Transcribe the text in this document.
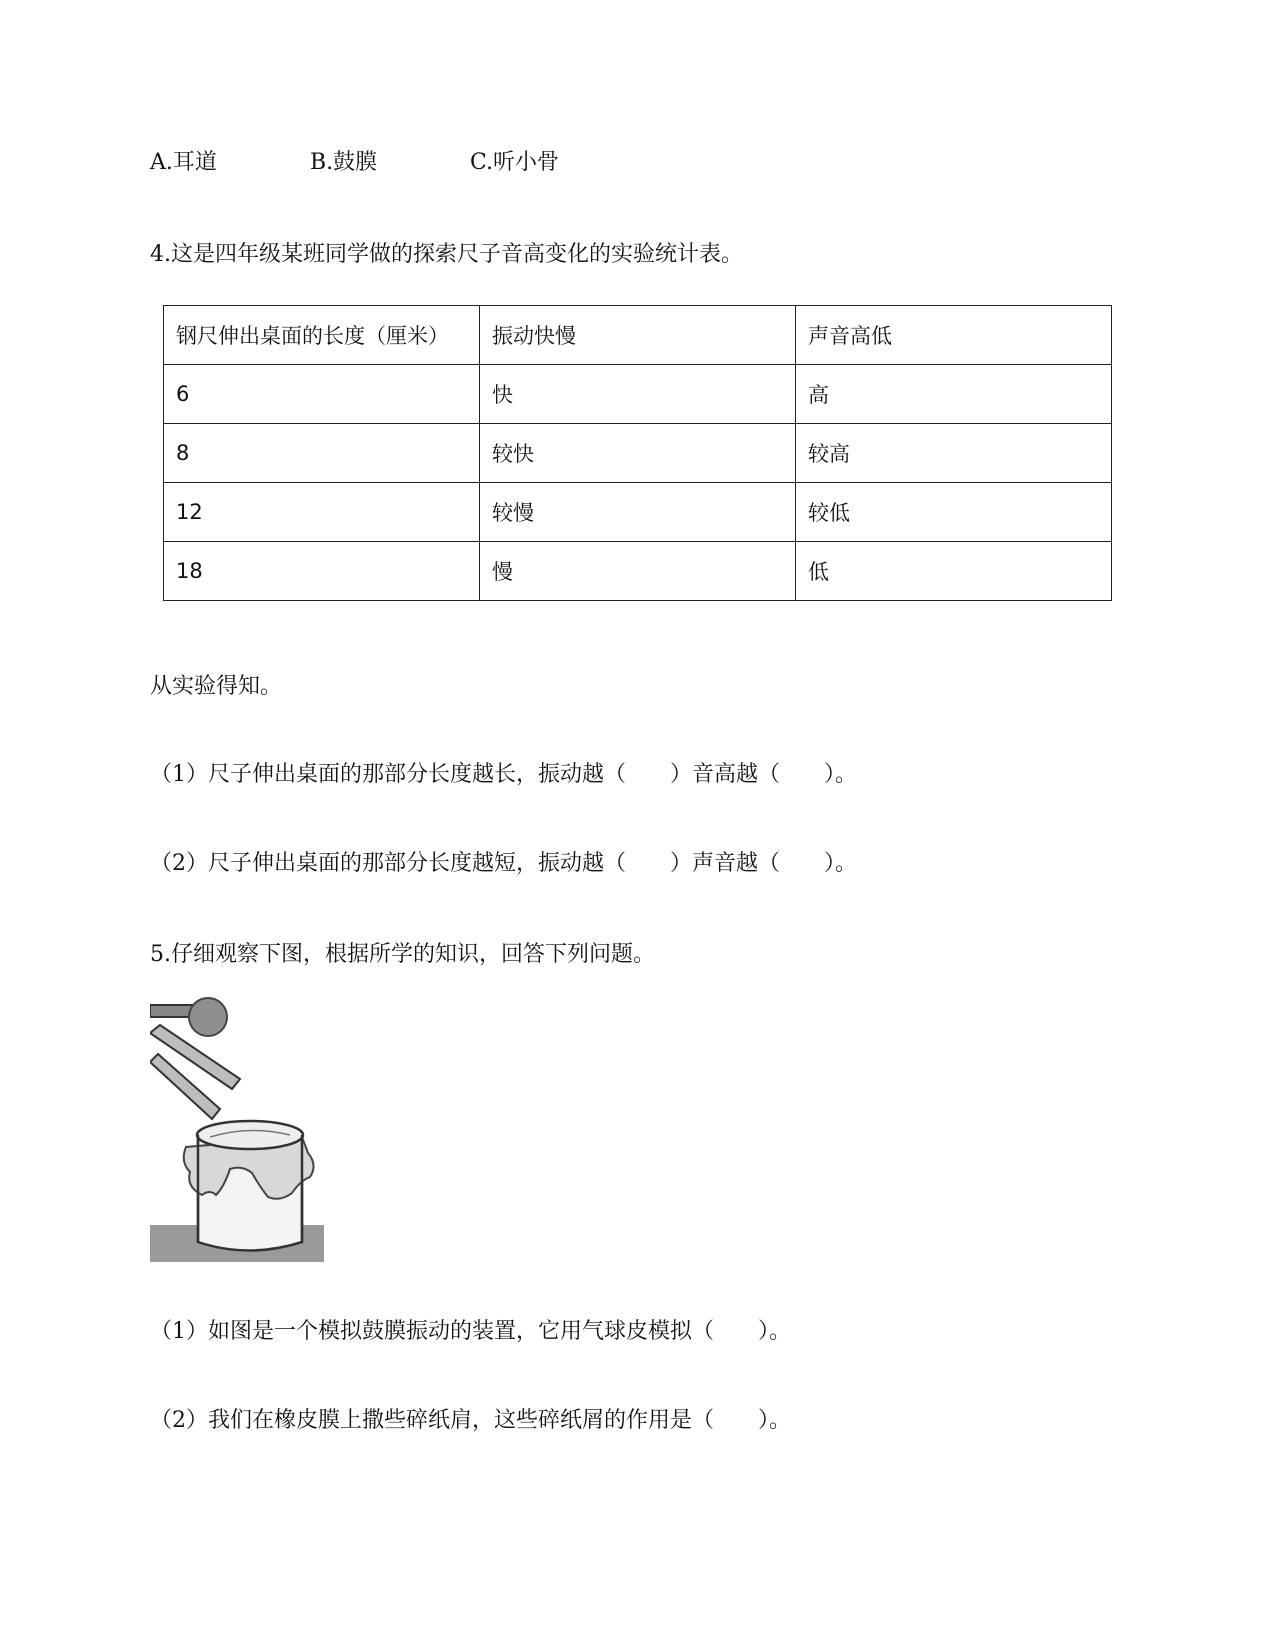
A.耳道

	B.鼓膜

	C.听小骨

4.这是四年级某班同学做的探索尺子音高变化的实验统计表。
钢尺伸出桌面的长度（厘米）	振动快慢	声音高低
6	快	高
8	较快	较高
12	较慢	较低
18	慢	低
从实验得知。
（1）尺子伸出桌面的那部分长度越长，振动越（　　）音高越（　　）。
（2）尺子伸出桌面的那部分长度越短，振动越（　　）声音越（　　）。
5.仔细观察下图，根据所学的知识，回答下列问题。
（1）如图是一个模拟鼓膜振动的装置，它用气球皮模拟（　　）。
（2）我们在橡皮膜上撒些碎纸肩，这些碎纸屑的作用是（　　）。
